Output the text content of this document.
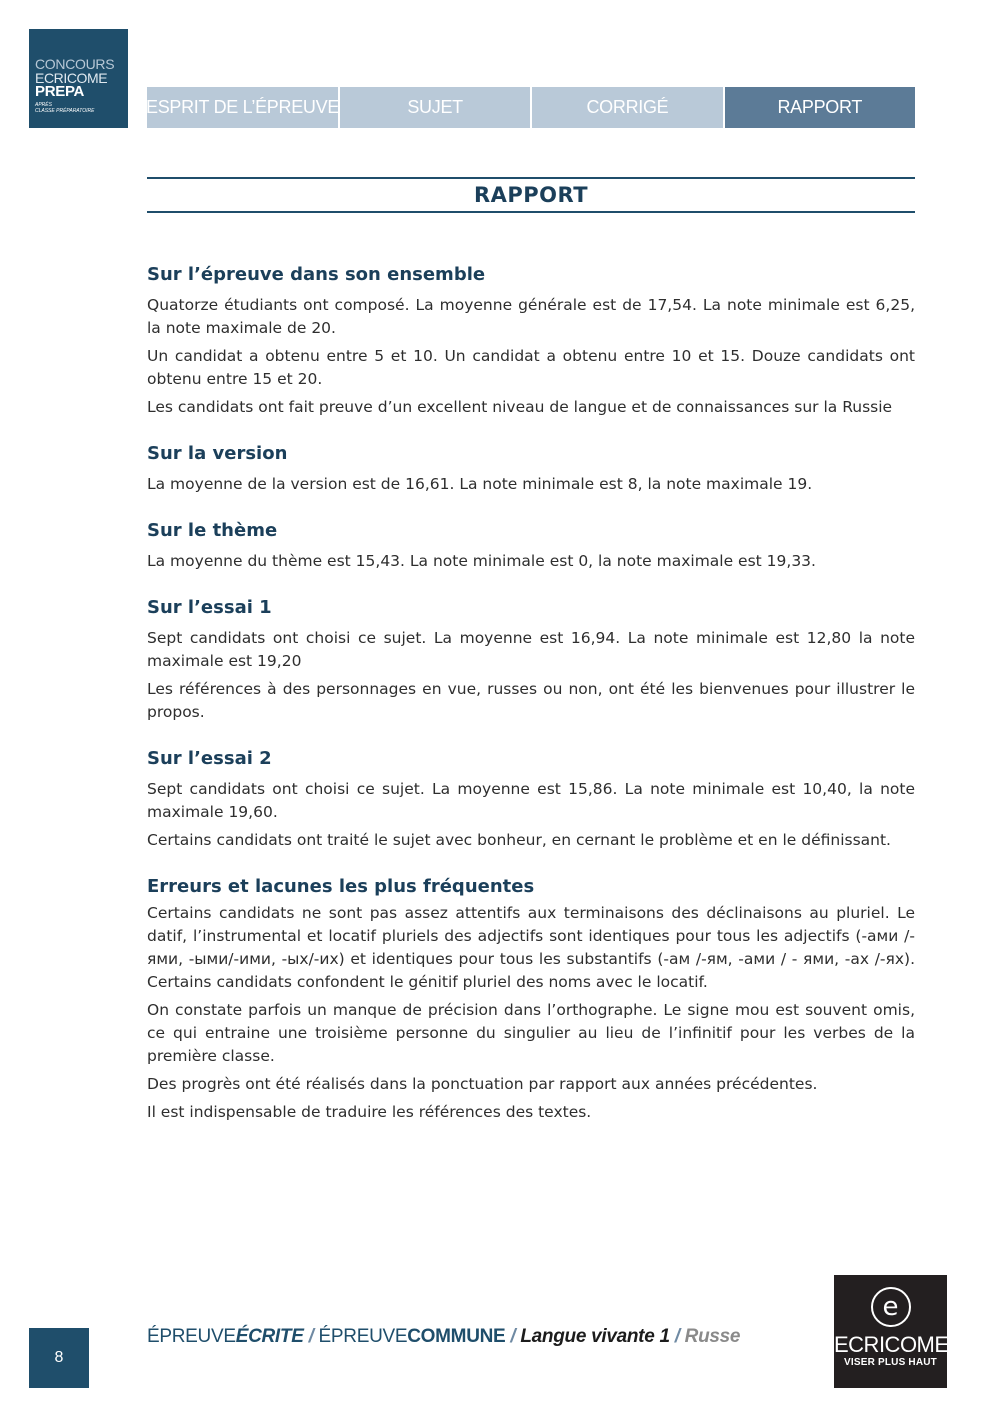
CONCOURS
ECRICOME
PREPA
APRÈS
CLASSE PRÉPARATOIRE	ESPRIT DE L’ÉPREUVE	SUJET	CORRIGÉ	RAPPORT
RAPPORT
Sur l’épreuve dans son ensemble

Quatorze étudiants ont composé. La moyenne générale est de 17,54. La note minimale est 6,25, la note maximale de 20.

Un candidat a obtenu entre 5 et 10. Un candidat a obtenu entre 10 et 15. Douze candidats ont obtenu entre 15 et 20.

Les candidats ont fait preuve d’un excellent niveau de langue et de connaissances sur la Russie

Sur la version

La moyenne de la version est de 16,61. La note minimale est 8, la note maximale 19.

Sur le thème

La moyenne du thème est 15,43. La note minimale est 0, la note maximale est 19,33.

Sur l’essai 1

Sept candidats ont choisi ce sujet. La moyenne est 16,94. La note minimale est 12,80 la note maximale est 19,20

Les références à des personnages en vue, russes ou non, ont été les bienvenues pour illustrer le propos.

Sur l’essai 2

Sept candidats ont choisi ce sujet. La moyenne est 15,86. La note minimale est 10,40, la note maximale 19,60.

Certains candidats ont traité le sujet avec bonheur, en cernant le problème et en le définissant.

Erreurs et lacunes les plus fréquentes

Certains candidats ne sont pas assez attentifs aux terminaisons des déclinaisons au pluriel. Le datif, l’instrumental et locatif pluriels des adjectifs sont identiques pour tous les adjectifs (-ами /-ями, -ыми/-ими, -ых/-их) et identiques pour tous les substantifs (-ам /-ям, -ами / - ями, -ах /-ях). Certains candidats confondent le génitif pluriel des noms avec le locatif.

On constate parfois un manque de précision dans l’orthographe. Le signe mou est souvent omis, ce qui entraine une troisième personne du singulier au lieu de l’infinitif pour les verbes de la première classe.

Des progrès ont été réalisés dans la ponctuation par rapport aux années précédentes.

Il est indispensable de traduire les références des textes.

8
ÉPREUVEÉCRITE / ÉPREUVECOMMUNE / Langue vivante 1 / Russe
e
ECRICOME
VISER PLUS HAUT
